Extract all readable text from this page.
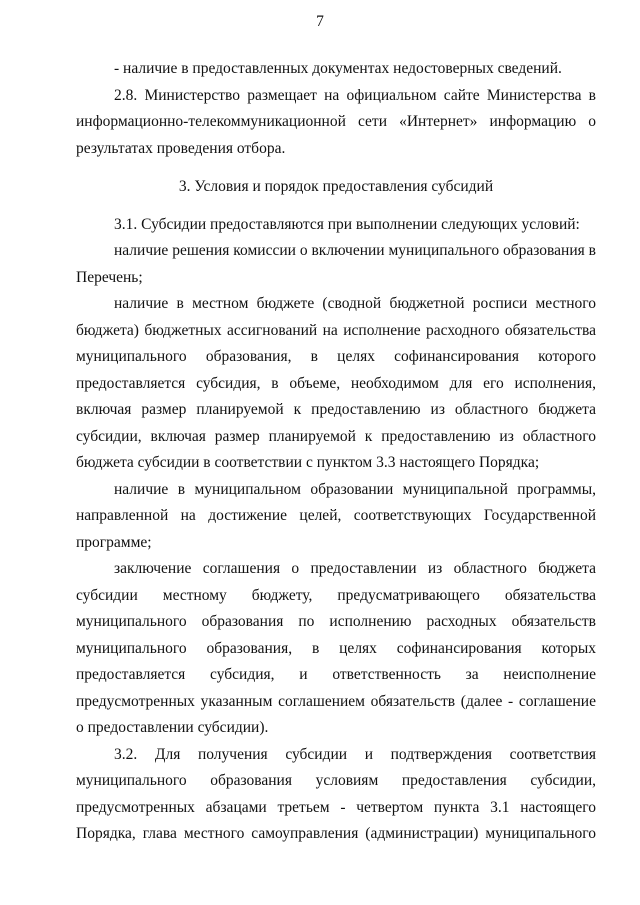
7

- наличие в предоставленных документах недостоверных сведений.

2.8. Министерство размещает на официальном сайте Министерства в информационно-телекоммуникационной сети «Интернет» информацию о результатах проведения отбора.

3. Условия и порядок предоставления субсидий

3.1. Субсидии предоставляются при выполнении следующих условий:

наличие решения комиссии о включении муниципального образования в Перечень;

наличие в местном бюджете (сводной бюджетной росписи местного бюджета) бюджетных ассигнований на исполнение расходного обязательства муниципального образования, в целях софинансирования которого предоставляется субсидия, в объеме, необходимом для его исполнения, включая размер планируемой к предоставлению из областного бюджета субсидии, включая размер планируемой к предоставлению из областного бюджета субсидии в соответствии с пунктом 3.3 настоящего Порядка;

наличие в муниципальном образовании муниципальной программы, направленной на достижение целей, соответствующих Государственной программе;

заключение соглашения о предоставлении из областного бюджета субсидии местному бюджету, предусматривающего обязательства муниципального образования по исполнению расходных обязательств муниципального образования, в целях софинансирования которых предоставляется субсидия, и ответственность за неисполнение предусмотренных указанным соглашением обязательств (далее - соглашение о предоставлении субсидии).

3.2. Для получения субсидии и подтверждения соответствия муниципального образования условиям предоставления субсидии, предусмотренных абзацами третьем - четвертом пункта 3.1 настоящего Порядка, глава местного самоуправления (администрации) муниципального
